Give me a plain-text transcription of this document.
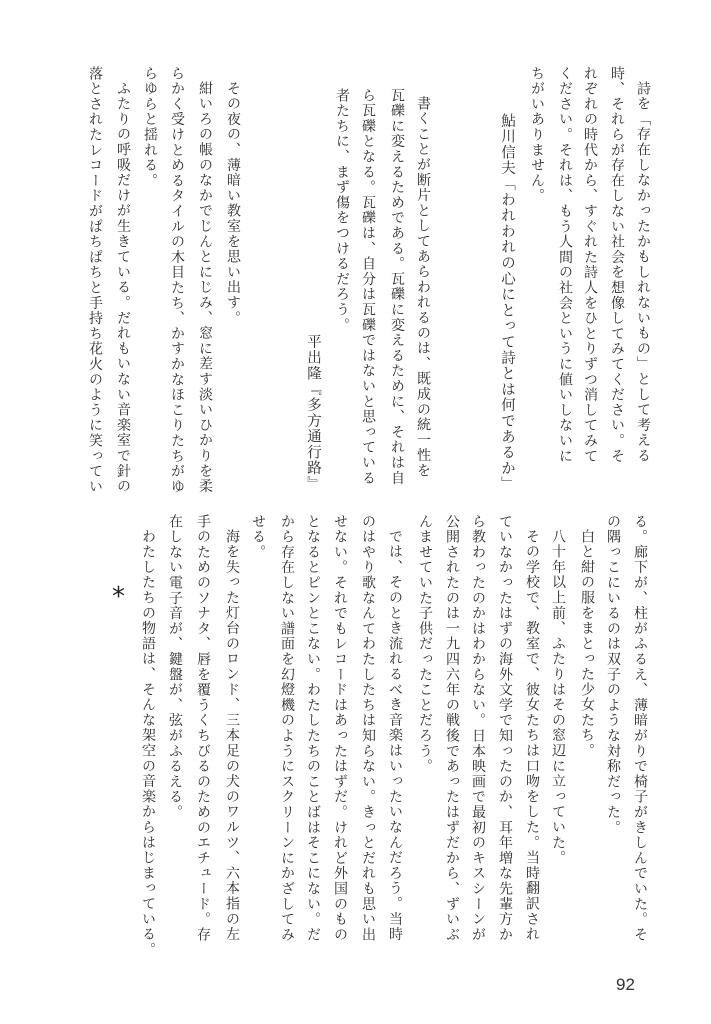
詩を「存在しなかったかもしれないもの」として考える
時、それらが存在しない社会を想像してみてください。そ
れぞれの時代から、すぐれた詩人をひとりずつ消してみて
ください。それは、もう人間の社会というに値いしないに
ちがいありません。
鮎川信夫「われわれの心にとって詩とは何であるか」
書くことが断片としてあらわれるのは、既成の統一性を
瓦礫に変えるためである。瓦礫に変えるために、それは自
ら瓦礫となる。瓦礫は、自分は瓦礫ではないと思っている
者たちに、まず傷をつけるだろう。
平出隆『多方通行路』
その夜の、薄暗い教室を思い出す。
紺いろの帳のなかでじんとにじみ、窓に差す淡いひかりを柔
らかく受けとめるタイルの木目たち、かすかなほこりたちがゆ
らゆらと揺れる。
ふたりの呼吸だけが生きている。だれもいない音楽室で針の
落とされたレコードがぱちぱちと手持ち花火のように笑ってい
る。廊下が、柱がふるえ、薄暗がりで椅子がきしんでいた。そ
の隅っこにいるのは双子のような対称だった。
白と紺の服をまとった少女たち。
八十年以上前、ふたりはその窓辺に立っていた。
その学校で、教室で、彼女たちは口吻をした。当時翻訳され
ていなかったはずの海外文学で知ったのか、耳年増な先輩方か
ら教わったのかはわからない。日本映画で最初のキスシーンが
公開されたのは一九四六年の戦後であったはずだから、ずいぶ
んませていた子供だったことだろう。
では、そのとき流れるべき音楽はいったいなんだろう。当時
のはやり歌なんてわたしたちは知らない。きっとだれも思い出
せない。それでもレコードはあったはずだ。けれど外国のもの
となるとピンとこない。わたしたちのことばはそこにない。だ
から存在しない譜面を幻燈機のようにスクリーンにかざしてみ
せる。
海を失った灯台のロンド、三本足の犬のワルツ、六本指の左
手のためのソナタ、唇を覆うくちびるのためのエチュード。存
在しない電子音が、鍵盤が、弦がふるえる。
わたしたちの物語は、そんな架空の音楽からはじまっている。
*
92
